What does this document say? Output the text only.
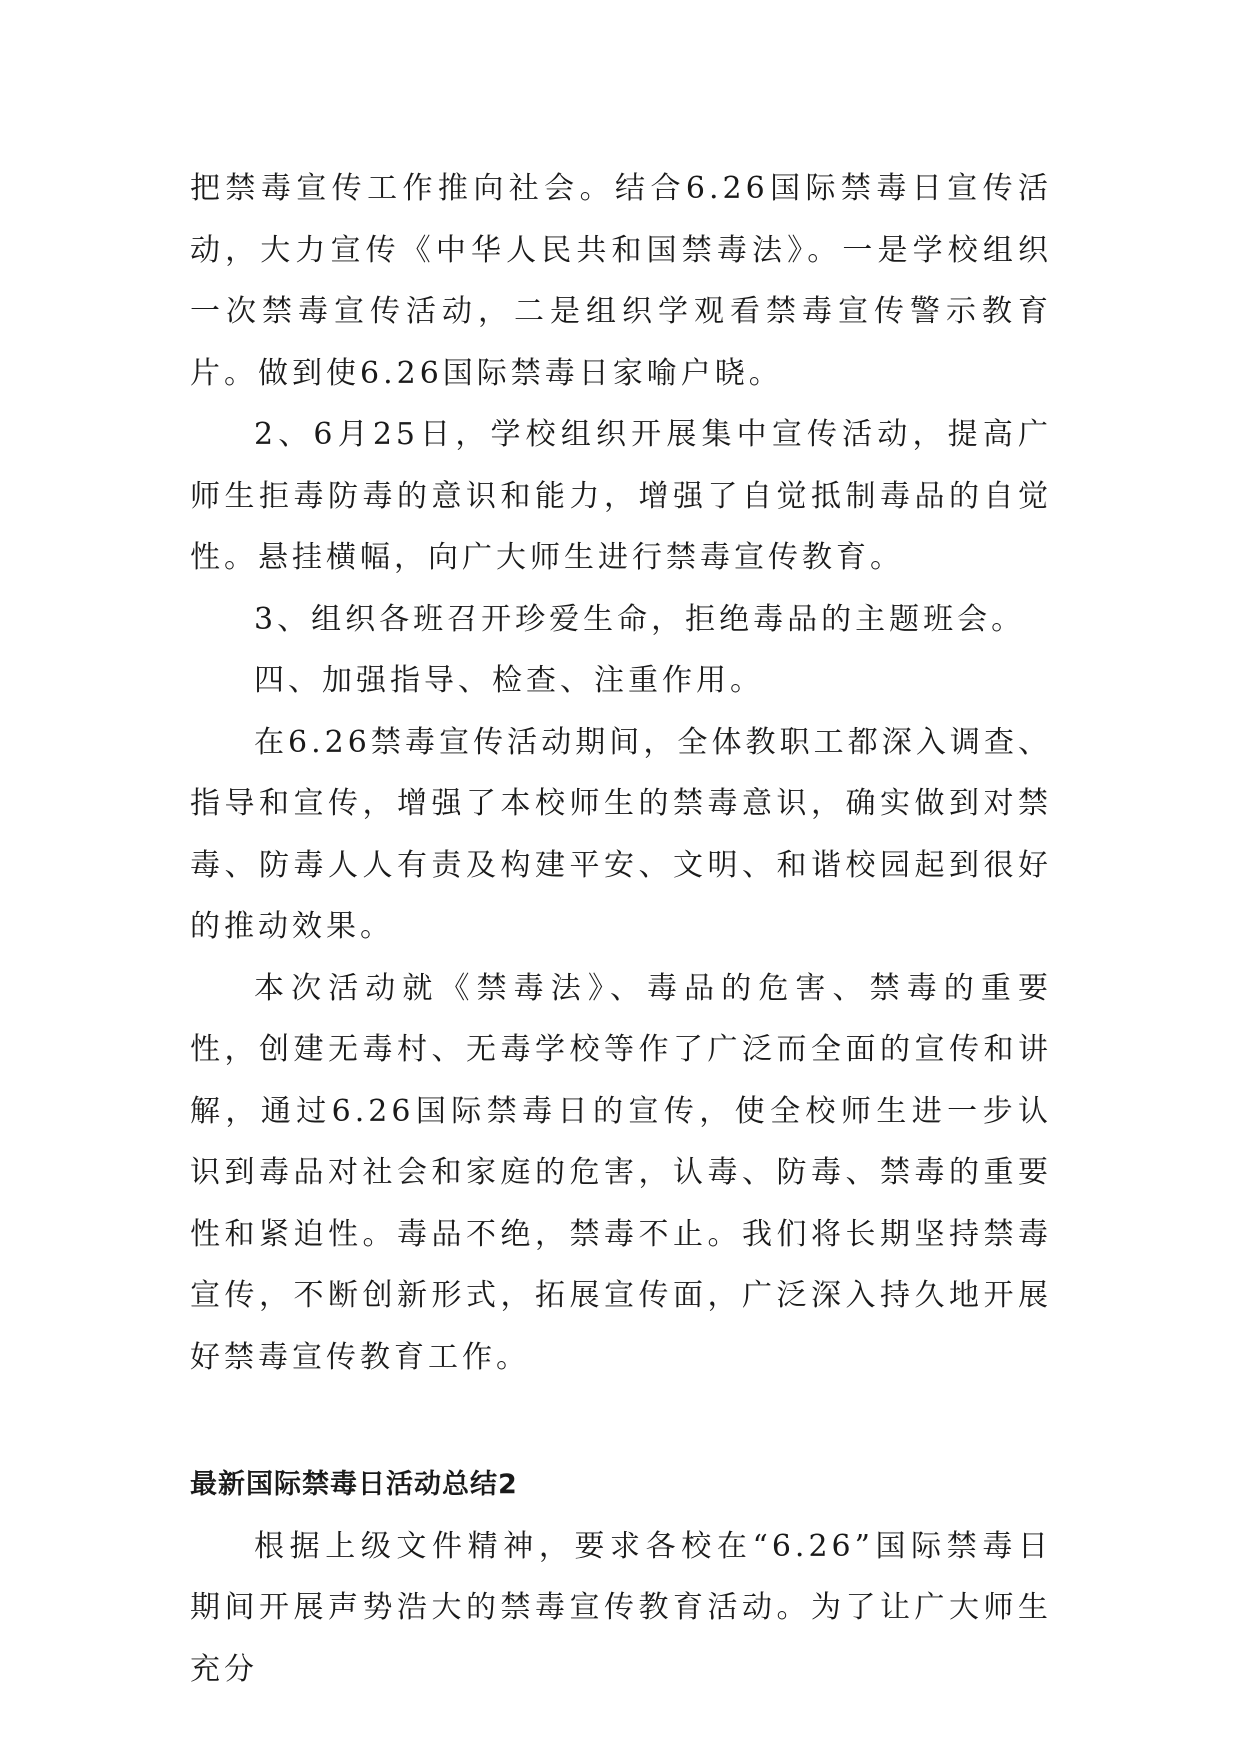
把禁毒宣传工作推向社会。结合6.26国际禁毒日宣传活动，大力宣传《中华人民共和国禁毒法》。一是学校组织一次禁毒宣传活动，二是组织学观看禁毒宣传警示教育片。做到使6.26国际禁毒日家喻户晓。

2、6月25日，学校组织开展集中宣传活动，提高广师生拒毒防毒的意识和能力，增强了自觉抵制毒品的自觉性。悬挂横幅，向广大师生进行禁毒宣传教育。

3、组织各班召开珍爱生命，拒绝毒品的主题班会。

四、加强指导、检查、注重作用。

在6.26禁毒宣传活动期间，全体教职工都深入调查、指导和宣传，增强了本校师生的禁毒意识，确实做到对禁毒、防毒人人有责及构建平安、文明、和谐校园起到很好的推动效果。

本次活动就《禁毒法》、毒品的危害、禁毒的重要性，创建无毒村、无毒学校等作了广泛而全面的宣传和讲解，通过6.26国际禁毒日的宣传，使全校师生进一步认识到毒品对社会和家庭的危害，认毒、防毒、禁毒的重要性和紧迫性。毒品不绝，禁毒不止。我们将长期坚持禁毒宣传，不断创新形式，拓展宣传面，广泛深入持久地开展好禁毒宣传教育工作。

最新国际禁毒日活动总结2

根据上级文件精神，要求各校在“6.26”国际禁毒日期间开展声势浩大的禁毒宣传教育活动。为了让广大师生充分
